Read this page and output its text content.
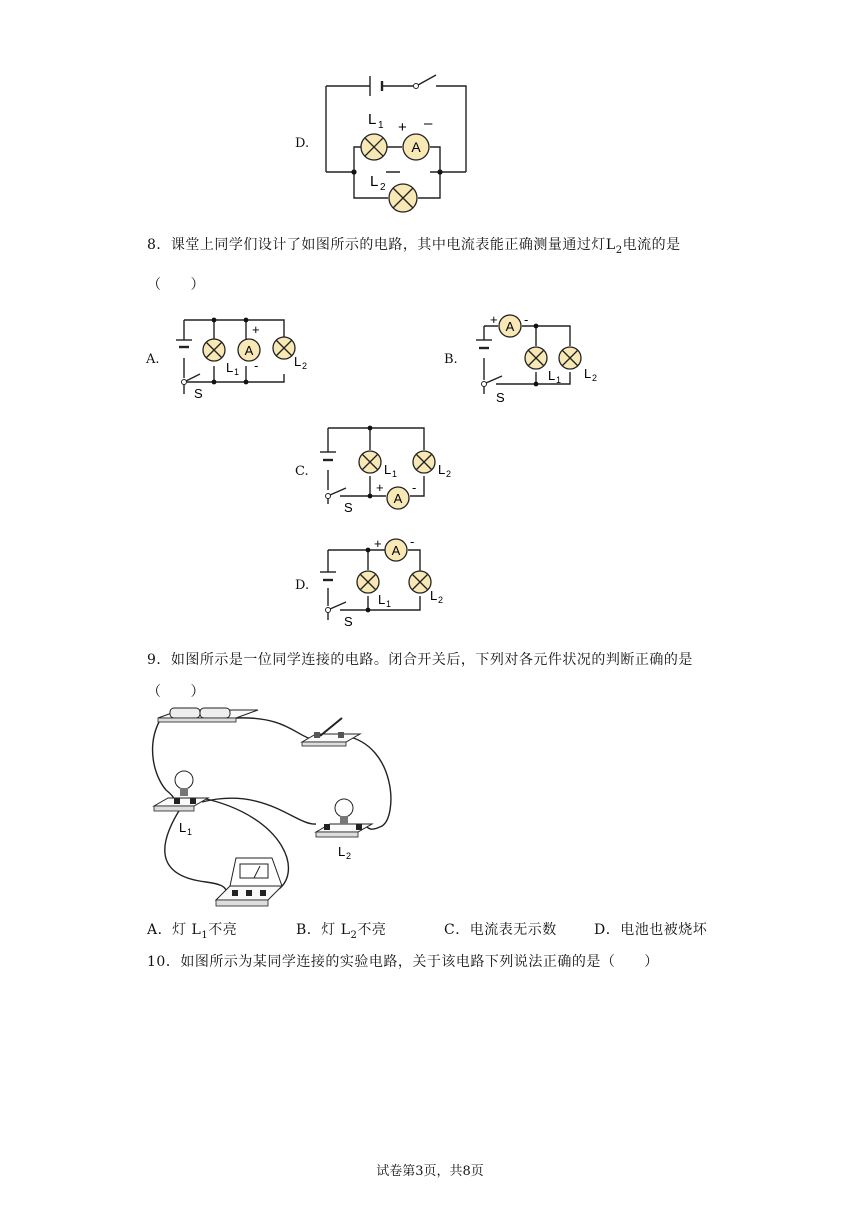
D.	A
L 1 + –
L 2
8．课堂上同学们设计了如图所示的电路，其中电流表能正确测量通过灯$L_2$电流的是
（　　）
A.
A
+
-
L 1
L 2
S
B.
A
+ -
L 1 L 2
S
C.
A
+ -
L 1	L 2
S
D.
A
+ -
L 1
L 2
S
9．如图所示是一位同学连接的电路。闭合开关后，下列对各元件状况的判断正确的是
（　　）
L 1
L 2
A．灯 $L_1$不亮	B．灯 $L_2$不亮	C．电流表无示数	D．电池也被烧坏
10．如图所示为某同学连接的实验电路，关于该电路下列说法正确的是（　　）
试卷第3页，共8页
